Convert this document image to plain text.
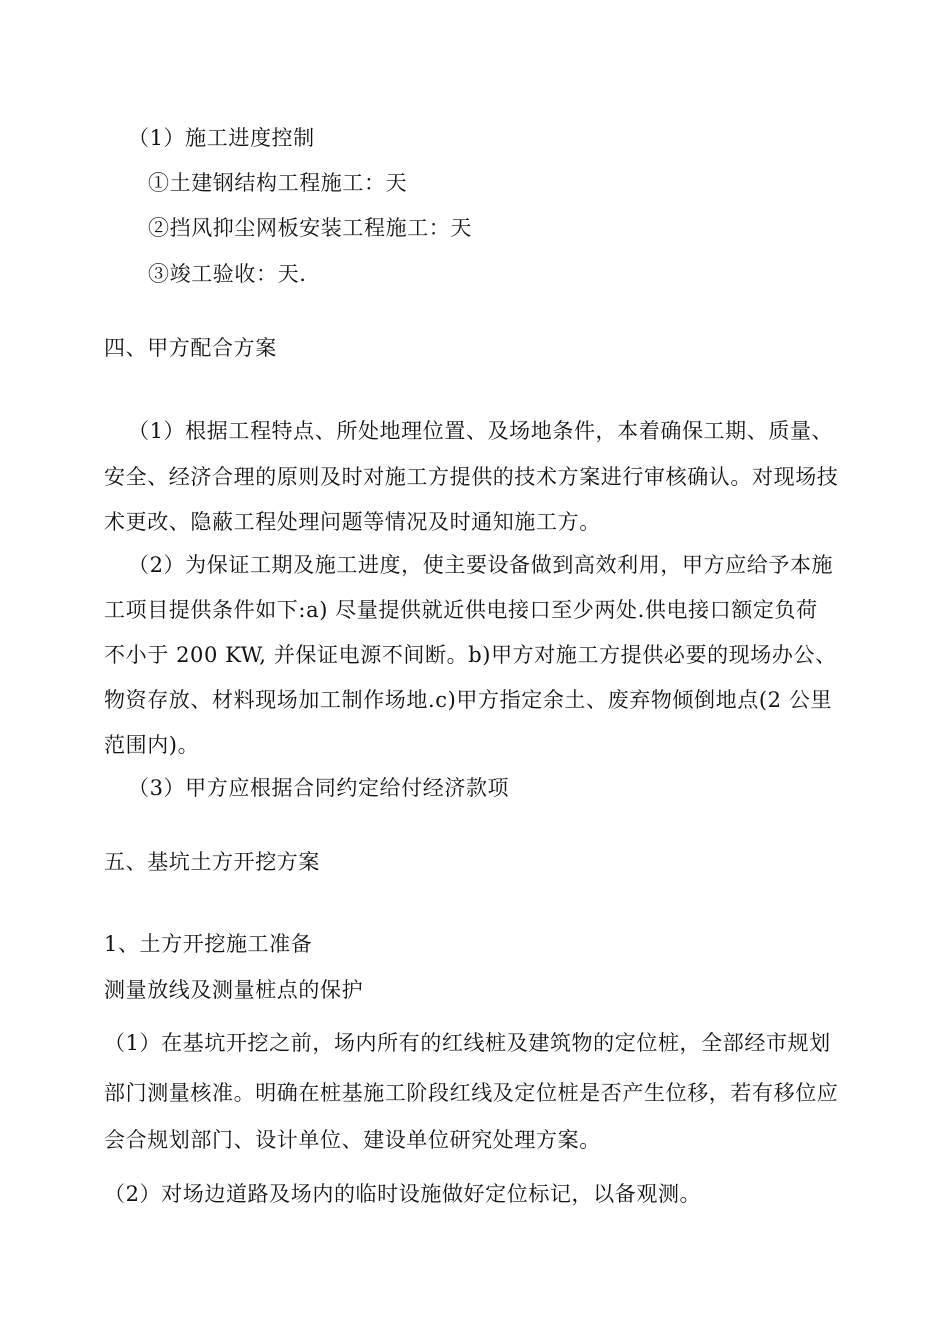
（1）施工进度控制
①土建钢结构工程施工：天
②挡风抑尘网板安装工程施工：天
③竣工验收：天.
四、甲方配合方案
（1）根据工程特点、所处地理位置、及场地条件，本着确保工期、质量、
安全、经济合理的原则及时对施工方提供的技术方案进行审核确认。对现场技
术更改、隐蔽工程处理问题等情况及时通知施工方。
（2）为保证工期及施工进度，使主要设备做到高效利用，甲方应给予本施
工项目提供条件如下:a) 尽量提供就近供电接口至少两处.供电接口额定负荷
不小于 200 KW, 并保证电源不间断。b)甲方对施工方提供必要的现场办公、
物资存放、材料现场加工制作场地.c)甲方指定余土、废弃物倾倒地点(2 公里
范围内)。
（3）甲方应根据合同约定给付经济款项
五、基坑土方开挖方案
1、土方开挖施工准备
测量放线及测量桩点的保护
（1）在基坑开挖之前，场内所有的红线桩及建筑物的定位桩，全部经市规划
部门测量核准。明确在桩基施工阶段红线及定位桩是否产生位移，若有移位应
会合规划部门、设计单位、建设单位研究处理方案。
（2）对场边道路及场内的临时设施做好定位标记，以备观测。
